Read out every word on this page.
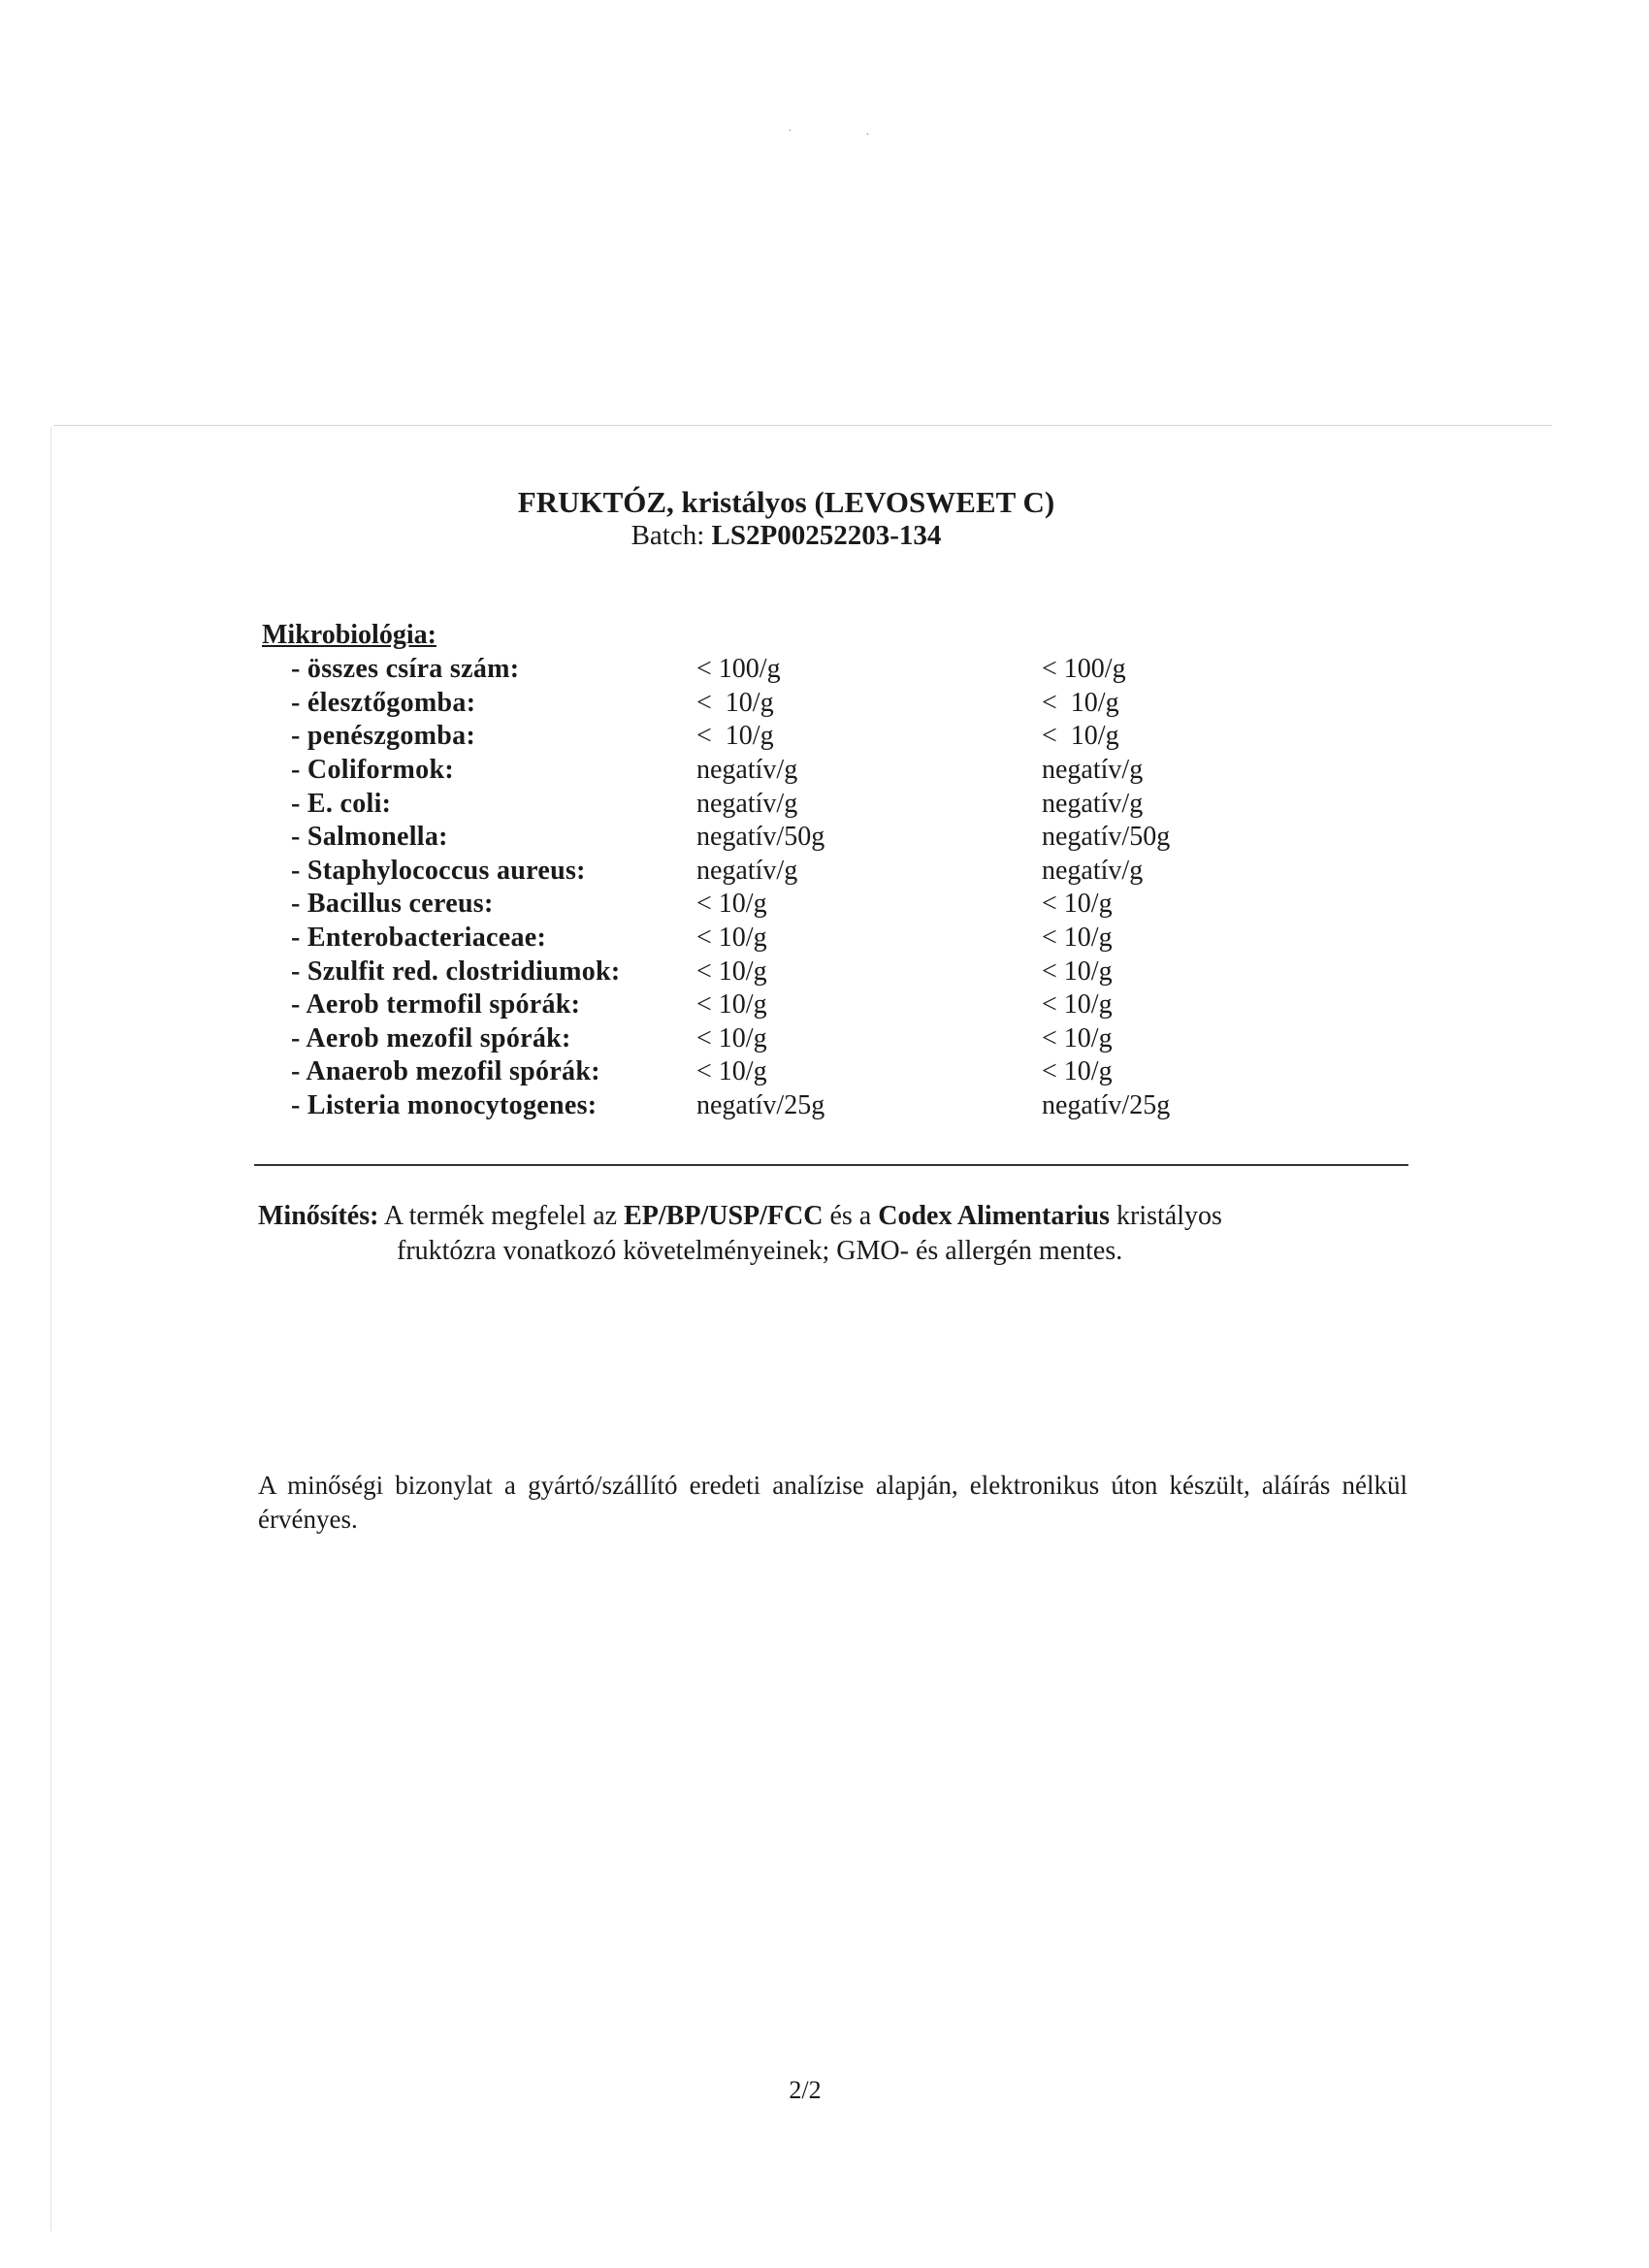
·	·
FRUKTÓZ, kristályos (LEVOSWEET C)
Batch: LS2P00252203-134
Mikrobiológia:
- összes csíra szám:	< 100/g	< 100/g
- élesztőgomba:	<  10/g	<  10/g
- penészgomba:	<  10/g	<  10/g
- Coliformok:	negatív/g	negatív/g
- E. coli:	negatív/g	negatív/g
- Salmonella:	negatív/50g	negatív/50g
- Staphylococcus aureus:	negatív/g	negatív/g
- Bacillus cereus:	< 10/g	< 10/g
- Enterobacteriaceae:	< 10/g	< 10/g
- Szulfit red. clostridiumok:	< 10/g	< 10/g
- Aerob termofil spórák:	< 10/g	< 10/g
- Aerob mezofil spórák:	< 10/g	< 10/g
- Anaerob mezofil spórák:	< 10/g	< 10/g
- Listeria monocytogenes:	negatív/25g	negatív/25g
Minősítés: A termék megfelel az EP/BP/USP/FCC és a Codex Alimentarius kristályos
fruktózra vonatkozó követelményeinek; GMO- és allergén mentes.
A minőségi bizonylat a gyártó/szállító eredeti analízise alapján, elektronikus úton készült, aláírás nélkül érvényes.
2/2
